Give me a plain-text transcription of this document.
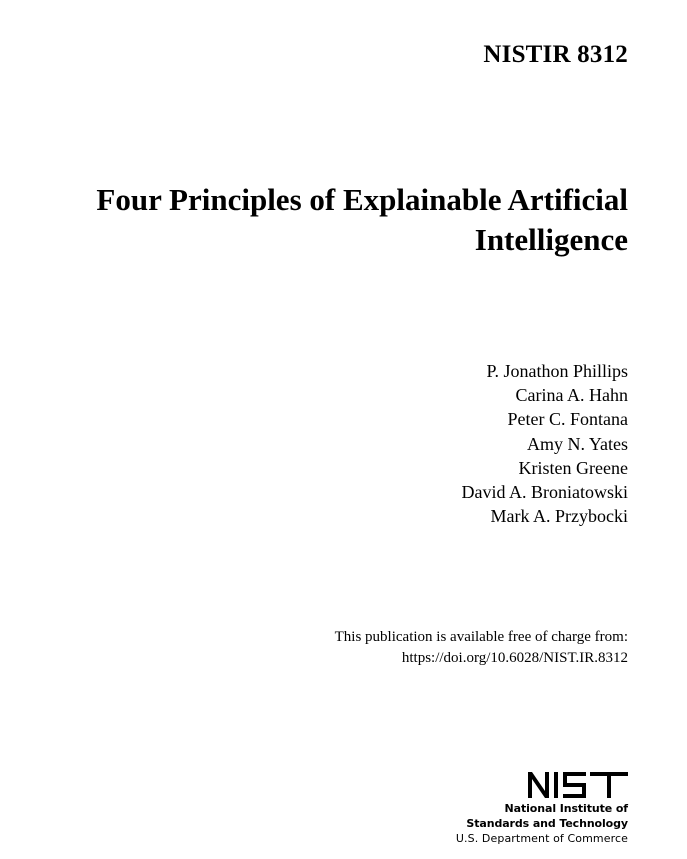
NISTIR 8312
Four Principles of Explainable Artificial
Intelligence
P. Jonathon Phillips
Carina A. Hahn
Peter C. Fontana
Amy N. Yates
Kristen Greene
David A. Broniatowski
Mark A. Przybocki
This publication is available free of charge from:
https://doi.org/10.6028/NIST.IR.8312
National Institute of
Standards and Technology
U.S. Department of Commerce
